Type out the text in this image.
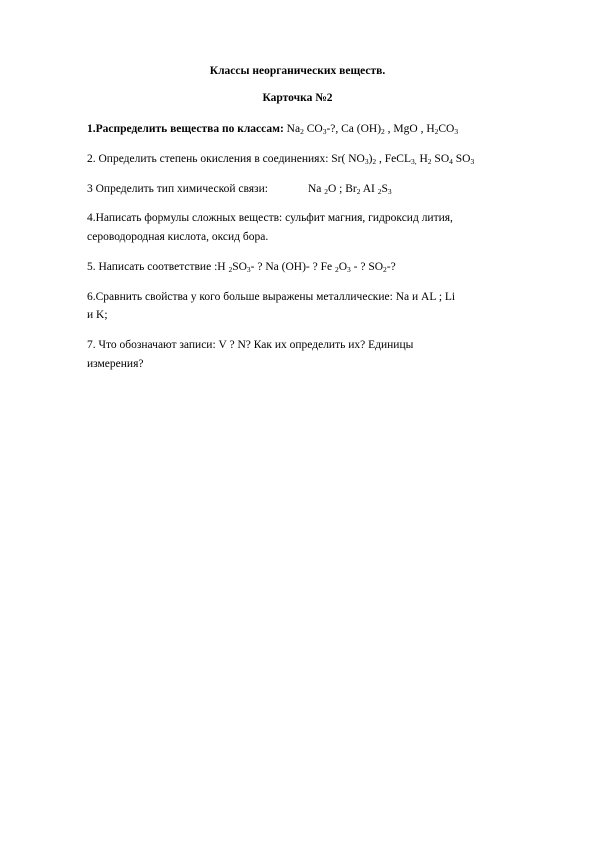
Классы неорганических веществ.
Карточка №2
1.Распределить вещества по классам: $Na_2$ $CO_3-$?, Ca $(OH)_2$ , MgO , $H_2CO_3$
2. Определить степень окисления в соединениях: Sr( $NO_3)_2$ , FeCL$_{3,}$ $H_2$ $SO_4$ $SO_3$
3 Определить тип химической связи:	Na $_2$O ; $Br_2$ AI $_2S_3$
4.Написать формулы сложных веществ: сульфит магния, гидроксид лития,
сероводородная кислота, оксид бора.
5. Написать соответствие :H $_2SO_3-$ ? Na (OH)- ? Fe $_2O_3$ - ? $SO_2-$?
6.Сравнить свойства у кого больше выражены металлические: Na и AL ; Li
и K;
7. Что обозначают записи: V ? N? Как их определить их? Единицы
измерения?
